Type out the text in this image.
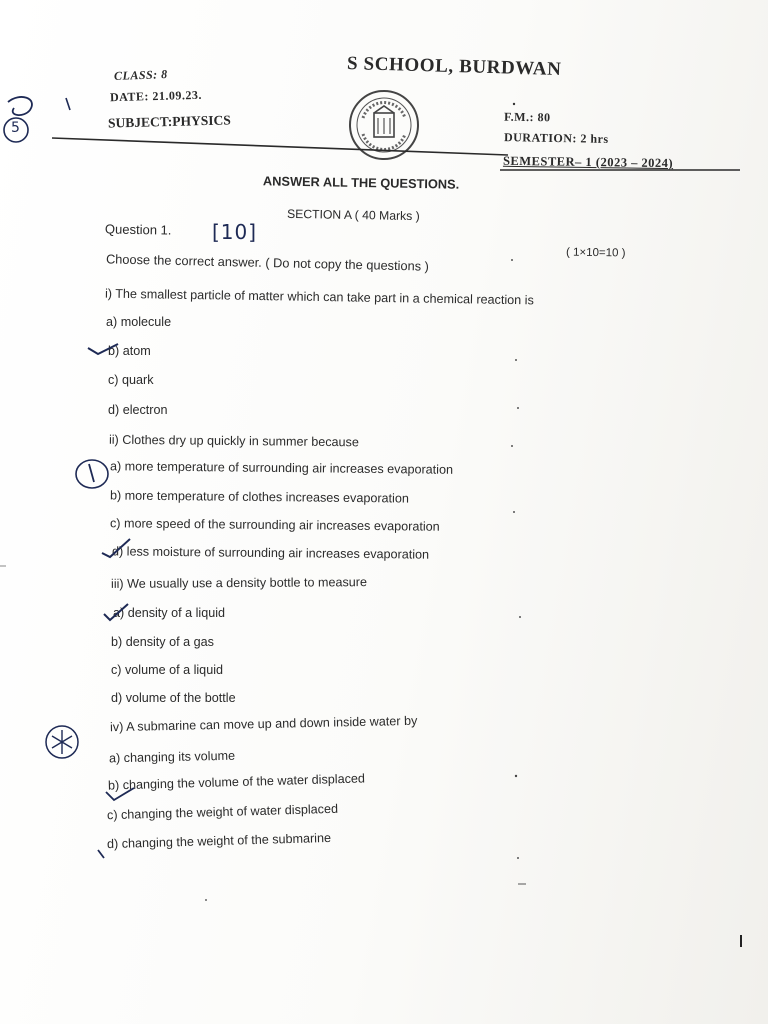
CLASS: 8
DATE: 21.09.23.
SUBJECT:PHYSICS
S SCHOOL, BURDWAN
F.M.: 80
DURATION: 2 hrs
SEMESTER– 1 (2023 – 2024)
ANSWER ALL THE QUESTIONS.
SECTION A ( 40 Marks )
Question 1. [10]
( 1×10=10 )
Choose the correct answer. ( Do not copy the questions )
i) The smallest particle of matter which can take part in a chemical reaction is
a) molecule
b) atom
c) quark
d) electron
ii) Clothes dry up quickly in summer because
a) more temperature of surrounding air increases evaporation
b) more temperature of clothes increases evaporation
c) more speed of the surrounding air increases evaporation
d) less moisture of surrounding air increases evaporation
iii) We usually use a density bottle to measure
a) density of a liquid
b) density of a gas
c) volume of a liquid
d) volume of the bottle
iv) A submarine can move up and down inside water by
a) changing its volume
b) changing the volume of the water displaced
c) changing the weight of water displaced
d) changing the weight of the submarine
5
